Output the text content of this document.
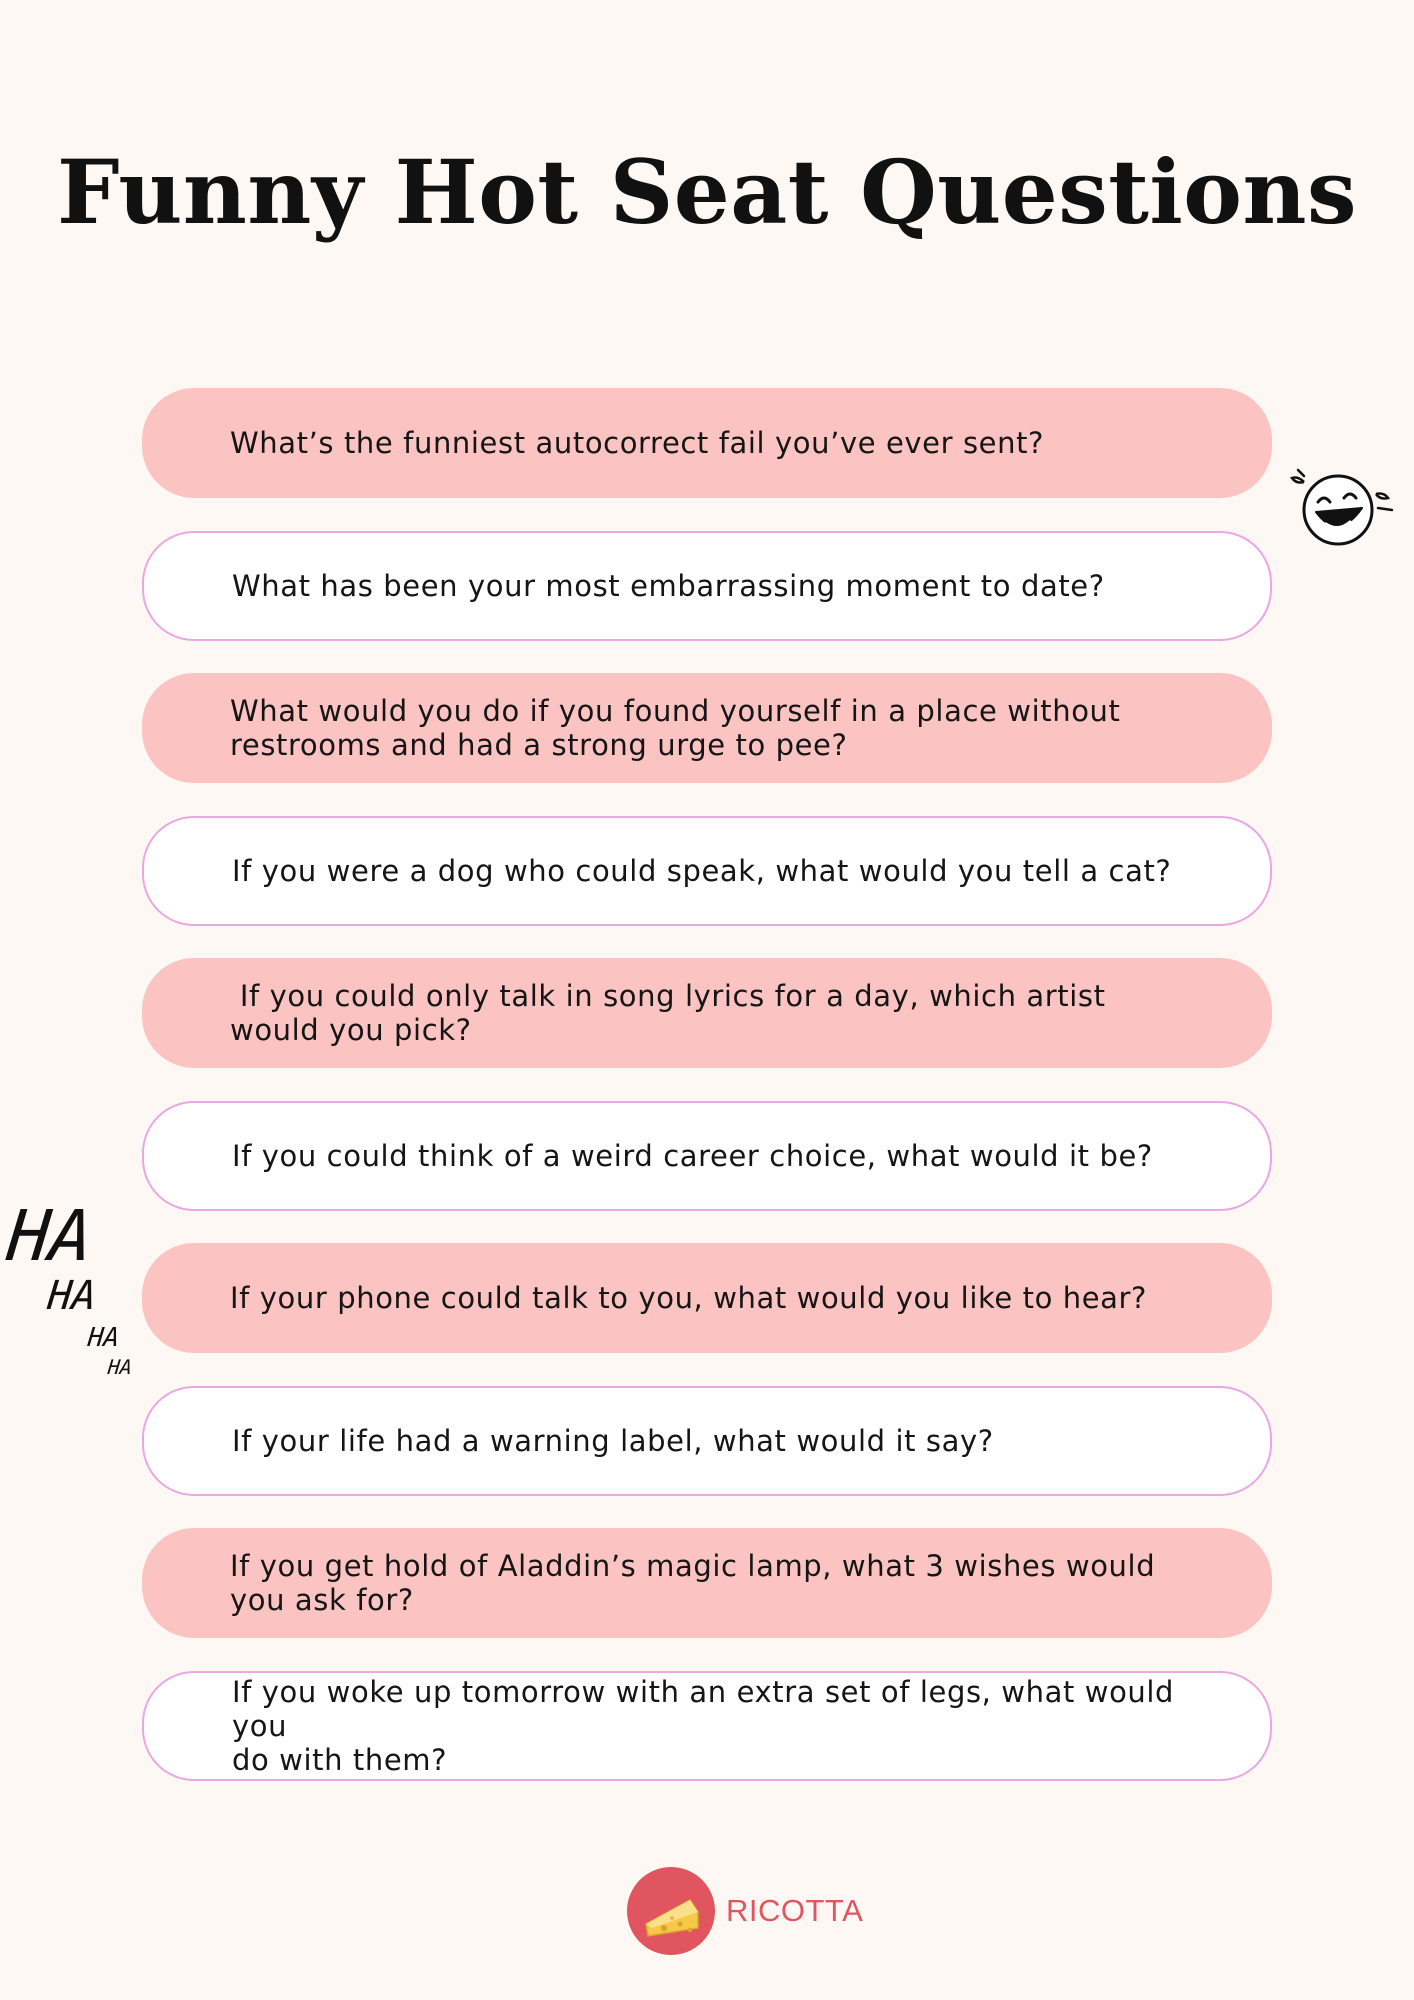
Funny Hot Seat Questions
What’s the funniest autocorrect fail you’ve ever sent?
What has been your most embarrassing moment to date?
What would you do if you found yourself in a place without
restrooms and had a strong urge to pee?
If you were a dog who could speak, what would you tell a cat?
If you could only talk in song lyrics for a day, which artist
would you pick?
If you could think of a weird career choice, what would it be?
If your phone could talk to you, what would you like to hear?
If your life had a warning label, what would it say?
If you get hold of Aladdin’s magic lamp, what 3 wishes would
you ask for?
If you woke up tomorrow with an extra set of legs, what would you
do with them?
HA
HA
HA
HA
RICOTTA
